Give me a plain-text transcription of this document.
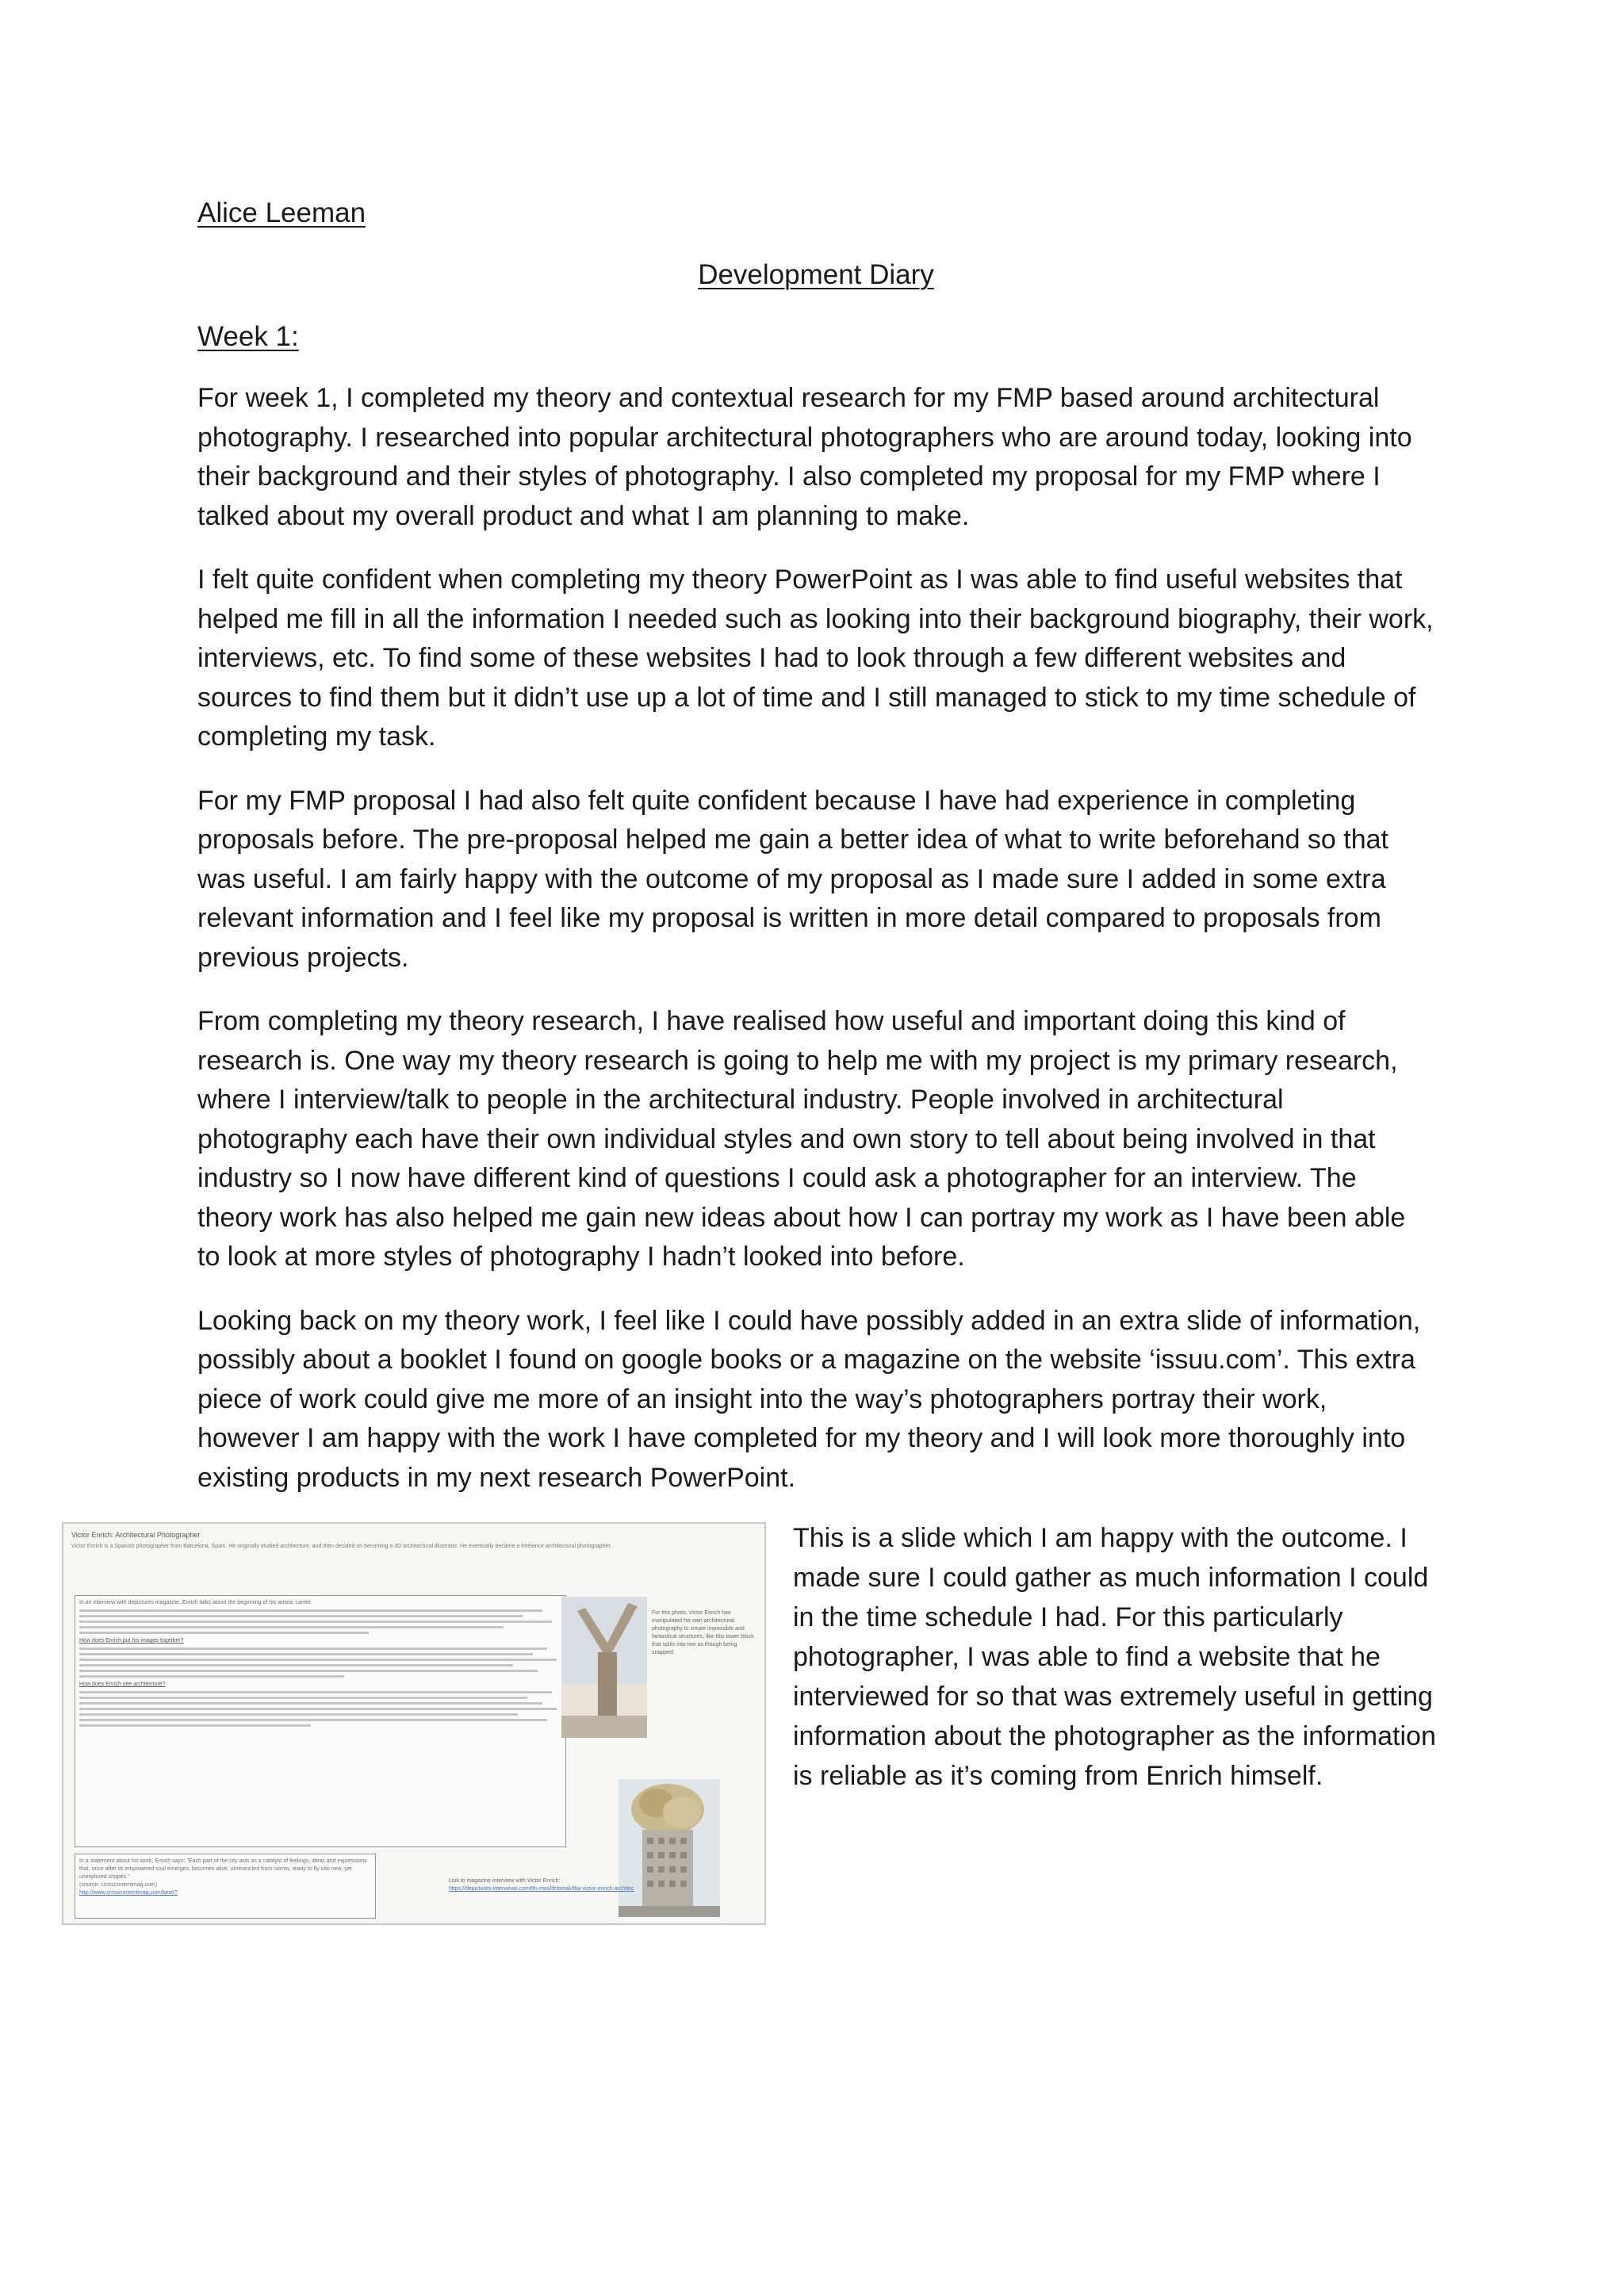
Alice Leeman
Development Diary
Week 1:

For week 1, I completed my theory and contextual research for my FMP based around architectural photography. I researched into popular architectural photographers who are around today, looking into their background and their styles of photography. I also completed my proposal for my FMP where I talked about my overall product and what I am planning to make.

I felt quite confident when completing my theory PowerPoint as I was able to find useful websites that helped me fill in all the information I needed such as looking into their background biography, their work, interviews, etc. To find some of these websites I had to look through a few different websites and sources to find them but it didn’t use up a lot of time and I still managed to stick to my time schedule of completing my task.

For my FMP proposal I had also felt quite confident because I have had experience in completing proposals before. The pre-proposal helped me gain a better idea of what to write beforehand so that was useful. I am fairly happy with the outcome of my proposal as I made sure I added in some extra relevant information and I feel like my proposal is written in more detail compared to proposals from previous projects.

From completing my theory research, I have realised how useful and important doing this kind of research is. One way my theory research is going to help me with my project is my primary research, where I interview/talk to people in the architectural industry. People involved in architectural photography each have their own individual styles and own story to tell about being involved in that industry so I now have different kind of questions I could ask a photographer for an interview. The theory work has also helped me gain new ideas about how I can portray my work as I have been able to look at more styles of photography I hadn’t looked into before.

Looking back on my theory work, I feel like I could have possibly added in an extra slide of information, possibly about a booklet I found on google books or a magazine on the website ‘issuu.com’. This extra piece of work could give me more of an insight into the way’s photographers portray their work, however I am happy with the work I have completed for my theory and I will look more thoroughly into existing products in my next research PowerPoint.

Victor Enrich: Architectural Photographer
Victor Enrich is a Spanish photographer from Barcelona, Spain. He originally studied architecture, and then decided on becoming a 3D architectural illustrator. He eventually became a freelance architectural photographer.
In an interview with depictures magazine, Enrich talks about the beginning of his artistic career.
How does Enrich put his images together?
How does Enrich see architecture?
For this photo, Victor Enrich has manipulated his own architectural photography to create impossible and fantastical structures, like this tower block that splits into two as though being snapped.
In a statement about his work, Enrich says: "Each part of the city acts as a catalyst of feelings, ideas and expressions that, once after its empowered soul emerges, becomes alive, unrestricted from norms, ready to fly into new, yet unexplored shapes."
(source: crosscontentmag.com)
http://www.crosscontentmag.com/best/?
Link to magazine interview with Victor Enrich:
https://depictures-interviews.com/tfn-mos/tfnbreak/tba-victor-enrich-architec

This is a slide which I am happy with the outcome. I made sure I could gather as much information I could in the time schedule I had. For this particularly photographer, I was able to find a website that he interviewed for so that was extremely useful in getting information about the photographer as the information is reliable as it’s coming from Enrich himself.
